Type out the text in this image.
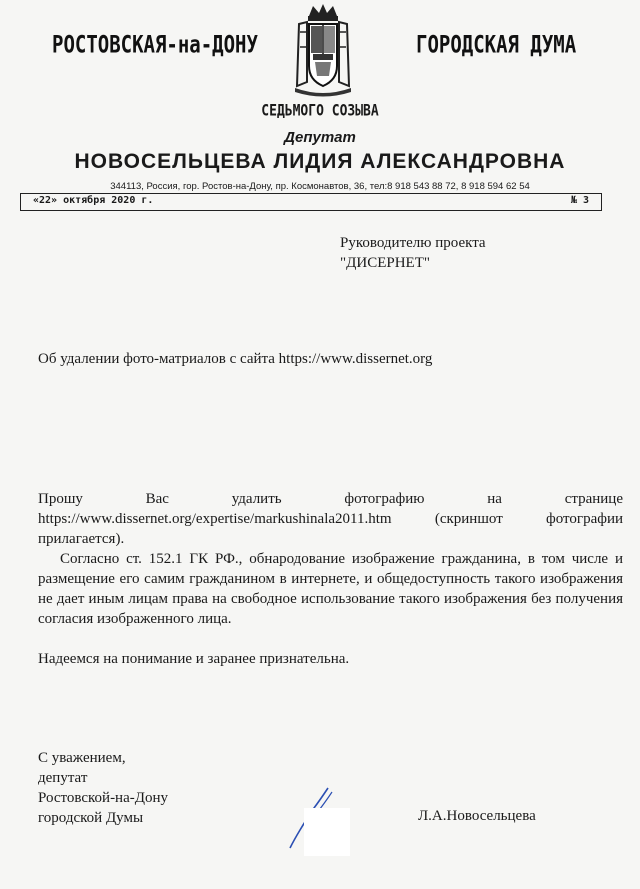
РОСТОВСКАЯ-на-ДОНУ	ГОРОДСКАЯ ДУМА
СЕДЬМОГО СОЗЫВА
Депутат
НОВОСЕЛЬЦЕВА ЛИДИЯ АЛЕКСАНДРОВНА
344113, Россия, гор. Ростов-на-Дону, пр. Космонавтов, 36, тел:8 918 543 88 72, 8 918 594 62 54
«22» октября 2020 г.	№ 3
Руководителю проекта
"ДИСЕРНЕТ"
Об удалении фото-матриалов с сайта https://www.dissernet.org

Прошу	Вас	удалить	фотографию	на	странице

https://www.dissernet.org/expertise/markushinala2011.htm (скриншот фотографии прилагается).

Согласно ст. 152.1 ГК РФ., обнародование изображение гражданина, в том числе и размещение его самим гражданином в интернете, и общедоступность такого изображения не дает иным лицам права на свободное использование такого изображения без получения согласия изображенного лица.

Надеемся на понимание и заранее признательна.

С уважением,
депутат
Ростовской-на-Дону
городской Думы	Л.А.Новосельцева
